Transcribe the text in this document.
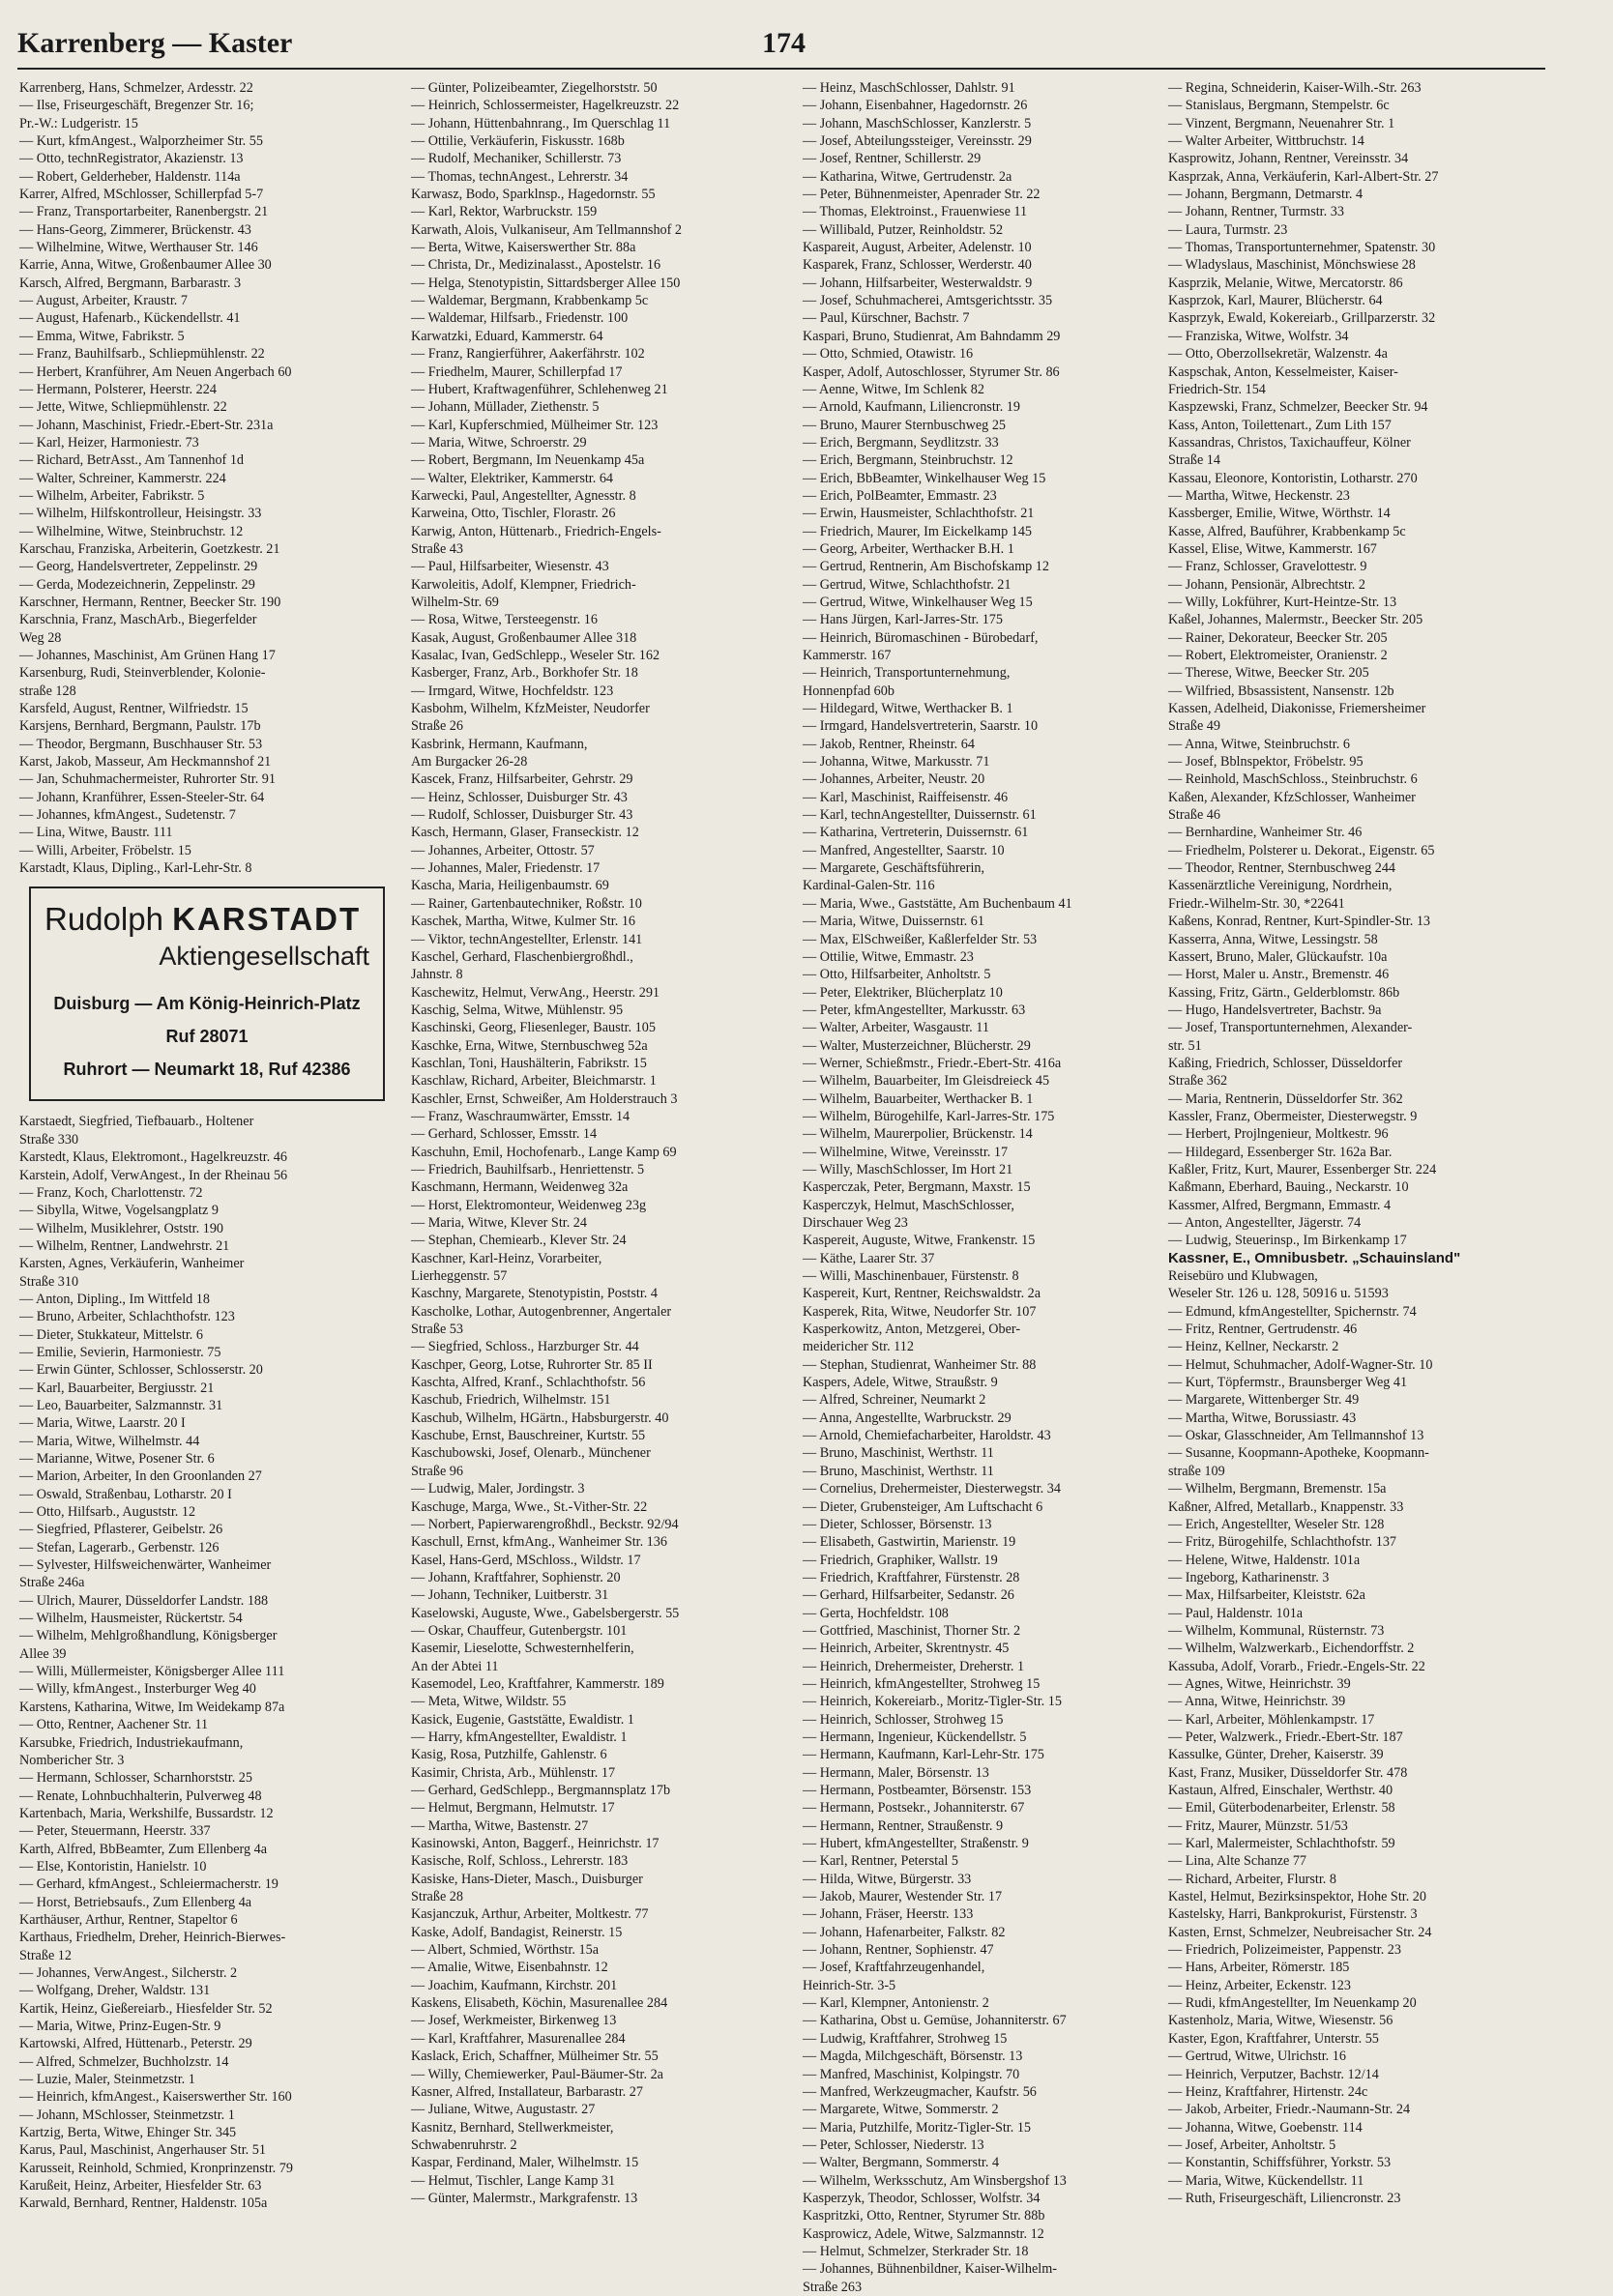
Karrenberg — Kaster	174
Karrenberg, Hans, Schmelzer, Ardesstr. 22
— Ilse, Friseurgeschäft, Bregenzer Str. 16;
Pr.-W.: Ludgeristr. 15
— Kurt, kfmAngest., Walporzheimer Str. 55
— Otto, technRegistrator, Akazienstr. 13
— Robert, Gelderheber, Haldenstr. 114a
Karrer, Alfred, MSchlosser, Schillerpfad 5-7
— Franz, Transportarbeiter, Ranenbergstr. 21
— Hans-Georg, Zimmerer, Brückenstr. 43
— Wilhelmine, Witwe, Werthauser Str. 146
Karrie, Anna, Witwe, Großenbaumer Allee 30
Karsch, Alfred, Bergmann, Barbarastr. 3
— August, Arbeiter, Kraustr. 7
— August, Hafenarb., Kückendellstr. 41
— Emma, Witwe, Fabrikstr. 5
— Franz, Bauhilfsarb., Schliepmühlenstr. 22
— Herbert, Kranführer, Am Neuen Angerbach 60
— Hermann, Polsterer, Heerstr. 224
— Jette, Witwe, Schliepmühlenstr. 22
— Johann, Maschinist, Friedr.-Ebert-Str. 231a
— Karl, Heizer, Harmoniestr. 73
— Richard, BetrAsst., Am Tannenhof 1d
— Walter, Schreiner, Kammerstr. 224
— Wilhelm, Arbeiter, Fabrikstr. 5
— Wilhelm, Hilfskontrolleur, Heisingstr. 33
— Wilhelmine, Witwe, Steinbruchstr. 12
Karschau, Franziska, Arbeiterin, Goetzkestr. 21
— Georg, Handelsvertreter, Zeppelinstr. 29
— Gerda, Modezeichnerin, Zeppelinstr. 29
Karschner, Hermann, Rentner, Beecker Str. 190
Karschnia, Franz, MaschArb., Biegerfelder
Weg 28
— Johannes, Maschinist, Am Grünen Hang 17
Karsenburg, Rudi, Steinverblender, Kolonie-
straße 128
Karsfeld, August, Rentner, Wilfriedstr. 15
Karsjens, Bernhard, Bergmann, Paulstr. 17b
— Theodor, Bergmann, Buschhauser Str. 53
Karst, Jakob, Masseur, Am Heckmannshof 21
— Jan, Schuhmachermeister, Ruhrorter Str. 91
— Johann, Kranführer, Essen-Steeler-Str. 64
— Johannes, kfmAngest., Sudetenstr. 7
— Lina, Witwe, Baustr. 111
— Willi, Arbeiter, Fröbelstr. 15
Karstadt, Klaus, Dipling., Karl-Lehr-Str. 8
Rudolph KARSTADT
Aktiengesellschaft
Duisburg — Am König-Heinrich-Platz
Ruf 28071
Ruhrort — Neumarkt 18, Ruf 42386
Karstaedt, Siegfried, Tiefbauarb., Holtener
Straße 330
Karstedt, Klaus, Elektromont., Hagelkreuzstr. 46
Karstein, Adolf, VerwAngest., In der Rheinau 56
— Franz, Koch, Charlottenstr. 72
— Sibylla, Witwe, Vogelsangplatz 9
— Wilhelm, Musiklehrer, Oststr. 190
— Wilhelm, Rentner, Landwehrstr. 21
Karsten, Agnes, Verkäuferin, Wanheimer
Straße 310
— Anton, Dipling., Im Wittfeld 18
— Bruno, Arbeiter, Schlachthofstr. 123
— Dieter, Stukkateur, Mittelstr. 6
— Emilie, Sevierin, Harmoniestr. 75
— Erwin Günter, Schlosser, Schlosserstr. 20
— Karl, Bauarbeiter, Bergiusstr. 21
— Leo, Bauarbeiter, Salzmannstr. 31
— Maria, Witwe, Laarstr. 20 I
— Maria, Witwe, Wilhelmstr. 44
— Marianne, Witwe, Posener Str. 6
— Marion, Arbeiter, In den Groonlanden 27
— Oswald, Straßenbau, Lotharstr. 20 I
— Otto, Hilfsarb., Auguststr. 12
— Siegfried, Pflasterer, Geibelstr. 26
— Stefan, Lagerarb., Gerbenstr. 126
— Sylvester, Hilfsweichenwärter, Wanheimer
Straße 246a
— Ulrich, Maurer, Düsseldorfer Landstr. 188
— Wilhelm, Hausmeister, Rückertstr. 54
— Wilhelm, Mehlgroßhandlung, Königsberger
Allee 39
— Willi, Müllermeister, Königsberger Allee 111
— Willy, kfmAngest., Insterburger Weg 40
Karstens, Katharina, Witwe, Im Weidekamp 87a
— Otto, Rentner, Aachener Str. 11
Karsubke, Friedrich, Industriekaufmann,
Nombericher Str. 3
— Hermann, Schlosser, Scharnhorststr. 25
— Renate, Lohnbuchhalterin, Pulverweg 48
Kartenbach, Maria, Werkshilfe, Bussardstr. 12
— Peter, Steuermann, Heerstr. 337
Karth, Alfred, BbBeamter, Zum Ellenberg 4a
— Else, Kontoristin, Hanielstr. 10
— Gerhard, kfmAngest., Schleiermacherstr. 19
— Horst, Betriebsaufs., Zum Ellenberg 4a
Karthäuser, Arthur, Rentner, Stapeltor 6
Karthaus, Friedhelm, Dreher, Heinrich-Bierwes-
Straße 12
— Johannes, VerwAngest., Silcherstr. 2
— Wolfgang, Dreher, Waldstr. 131
Kartik, Heinz, Gießereiarb., Hiesfelder Str. 52
— Maria, Witwe, Prinz-Eugen-Str. 9
Kartowski, Alfred, Hüttenarb., Peterstr. 29
— Alfred, Schmelzer, Buchholzstr. 14
— Luzie, Maler, Steinmetzstr. 1
— Heinrich, kfmAngest., Kaiserswerther Str. 160
— Johann, MSchlosser, Steinmetzstr. 1
Kartzig, Berta, Witwe, Ehinger Str. 345
Karus, Paul, Maschinist, Angerhauser Str. 51
Karusseit, Reinhold, Schmied, Kronprinzenstr. 79
Karußeit, Heinz, Arbeiter, Hiesfelder Str. 63
Karwald, Bernhard, Rentner, Haldenstr. 105a
— Günter, Polizeibeamter, Ziegelhorststr. 50
— Heinrich, Schlossermeister, Hagelkreuzstr. 22
— Johann, Hüttenbahnrang., Im Querschlag 11
— Ottilie, Verkäuferin, Fiskusstr. 168b
— Rudolf, Mechaniker, Schillerstr. 73
— Thomas, technAngest., Lehrerstr. 34
Karwasz, Bodo, Sparklnsp., Hagedornstr. 55
— Karl, Rektor, Warbruckstr. 159
Karwath, Alois, Vulkaniseur, Am Tellmannshof 2
— Berta, Witwe, Kaiserswerther Str. 88a
— Christa, Dr., Medizinalasst., Apostelstr. 16
— Helga, Stenotypistin, Sittardsberger Allee 150
— Waldemar, Bergmann, Krabbenkamp 5c
— Waldemar, Hilfsarb., Friedenstr. 100
Karwatzki, Eduard, Kammerstr. 64
— Franz, Rangierführer, Aakerfährstr. 102
— Friedhelm, Maurer, Schillerpfad 17
— Hubert, Kraftwagenführer, Schlehenweg 21
— Johann, Müllader, Ziethenstr. 5
— Karl, Kupferschmied, Mülheimer Str. 123
— Maria, Witwe, Schroerstr. 29
— Robert, Bergmann, Im Neuenkamp 45a
— Walter, Elektriker, Kammerstr. 64
Karwecki, Paul, Angestellter, Agnesstr. 8
Karweina, Otto, Tischler, Florastr. 26
Karwig, Anton, Hüttenarb., Friedrich-Engels-
Straße 43
— Paul, Hilfsarbeiter, Wiesenstr. 43
Karwoleitis, Adolf, Klempner, Friedrich-
Wilhelm-Str. 69
— Rosa, Witwe, Tersteegenstr. 16
Kasak, August, Großenbaumer Allee 318
Kasalac, Ivan, GedSchlepp., Weseler Str. 162
Kasberger, Franz, Arb., Borkhofer Str. 18
— Irmgard, Witwe, Hochfeldstr. 123
Kasbohm, Wilhelm, KfzMeister, Neudorfer
Straße 26
Kasbrink, Hermann, Kaufmann,
Am Burgacker 26-28
Kascek, Franz, Hilfsarbeiter, Gehrstr. 29
— Heinz, Schlosser, Duisburger Str. 43
— Rudolf, Schlosser, Duisburger Str. 43
Kasch, Hermann, Glaser, Franseckistr. 12
— Johannes, Arbeiter, Ottostr. 57
— Johannes, Maler, Friedenstr. 17
Kascha, Maria, Heiligenbaumstr. 69
— Rainer, Gartenbautechniker, Roßstr. 10
Kaschek, Martha, Witwe, Kulmer Str. 16
— Viktor, technAngestellter, Erlenstr. 141
Kaschel, Gerhard, Flaschenbiergroßhdl.,
Jahnstr. 8
Kaschewitz, Helmut, VerwAng., Heerstr. 291
Kaschig, Selma, Witwe, Mühlenstr. 95
Kaschinski, Georg, Fliesenleger, Baustr. 105
Kaschke, Erna, Witwe, Sternbuschweg 52a
Kaschlan, Toni, Haushälterin, Fabrikstr. 15
Kaschlaw, Richard, Arbeiter, Bleichmarstr. 1
Kaschler, Ernst, Schweißer, Am Holderstrauch 3
— Franz, Waschraumwärter, Emsstr. 14
— Gerhard, Schlosser, Emsstr. 14
Kaschuhn, Emil, Hochofenarb., Lange Kamp 69
— Friedrich, Bauhilfsarb., Henriettenstr. 5
Kaschmann, Hermann, Weidenweg 32a
— Horst, Elektromonteur, Weidenweg 23g
— Maria, Witwe, Klever Str. 24
— Stephan, Chemiearb., Klever Str. 24
Kaschner, Karl-Heinz, Vorarbeiter,
Lierheggenstr. 57
Kaschny, Margarete, Stenotypistin, Poststr. 4
Kascholke, Lothar, Autogenbrenner, Angertaler
Straße 53
— Siegfried, Schloss., Harzburger Str. 44
Kaschper, Georg, Lotse, Ruhrorter Str. 85 II
Kaschta, Alfred, Kranf., Schlachthofstr. 56
Kaschub, Friedrich, Wilhelmstr. 151
Kaschub, Wilhelm, HGärtn., Habsburgerstr. 40
Kaschube, Ernst, Bauschreiner, Kurtstr. 55
Kaschubowski, Josef, Olenarb., Münchener
Straße 96
— Ludwig, Maler, Jordingstr. 3
Kaschuge, Marga, Wwe., St.-Vither-Str. 22
— Norbert, Papierwarengroßhdl., Beckstr. 92/94
Kaschull, Ernst, kfmAng., Wanheimer Str. 136
Kasel, Hans-Gerd, MSchloss., Wildstr. 17
— Johann, Kraftfahrer, Sophienstr. 20
— Johann, Techniker, Luitberstr. 31
Kaselowski, Auguste, Wwe., Gabelsbergerstr. 55
— Oskar, Chauffeur, Gutenbergstr. 101
Kasemir, Lieselotte, Schwesternhelferin,
An der Abtei 11
Kasemodel, Leo, Kraftfahrer, Kammerstr. 189
— Meta, Witwe, Wildstr. 55
Kasick, Eugenie, Gaststätte, Ewaldistr. 1
— Harry, kfmAngestellter, Ewaldistr. 1
Kasig, Rosa, Putzhilfe, Gahlenstr. 6
Kasimir, Christa, Arb., Mühlenstr. 17
— Gerhard, GedSchlepp., Bergmannsplatz 17b
— Helmut, Bergmann, Helmutstr. 17
— Martha, Witwe, Bastenstr. 27
Kasinowski, Anton, Baggerf., Heinrichstr. 17
Kasische, Rolf, Schloss., Lehrerstr. 183
Kasiske, Hans-Dieter, Masch., Duisburger
Straße 28
Kasjanczuk, Arthur, Arbeiter, Moltkestr. 77
Kaske, Adolf, Bandagist, Reinerstr. 15
— Albert, Schmied, Wörthstr. 15a
— Amalie, Witwe, Eisenbahnstr. 12
— Joachim, Kaufmann, Kirchstr. 201
Kaskens, Elisabeth, Köchin, Masurenallee 284
— Josef, Werkmeister, Birkenweg 13
— Karl, Kraftfahrer, Masurenallee 284
Kaslack, Erich, Schaffner, Mülheimer Str. 55
— Willy, Chemiewerker, Paul-Bäumer-Str. 2a
Kasner, Alfred, Installateur, Barbarastr. 27
— Juliane, Witwe, Augustastr. 27
Kasnitz, Bernhard, Stellwerkmeister,
Schwabenruhrstr. 2
Kaspar, Ferdinand, Maler, Wilhelmstr. 15
— Helmut, Tischler, Lange Kamp 31
— Günter, Malermstr., Markgrafenstr. 13
— Heinz, MaschSchlosser, Dahlstr. 91
— Johann, Eisenbahner, Hagedornstr. 26
— Johann, MaschSchlosser, Kanzlerstr. 5
— Josef, Abteilungssteiger, Vereinsstr. 29
— Josef, Rentner, Schillerstr. 29
— Katharina, Witwe, Gertrudenstr. 2a
— Peter, Bühnenmeister, Apenrader Str. 22
— Thomas, Elektroinst., Frauenwiese 11
— Willibald, Putzer, Reinholdstr. 52
Kaspareit, August, Arbeiter, Adelenstr. 10
Kasparek, Franz, Schlosser, Werderstr. 40
— Johann, Hilfsarbeiter, Westerwaldstr. 9
— Josef, Schuhmacherei, Amtsgerichtsstr. 35
— Paul, Kürschner, Bachstr. 7
Kaspari, Bruno, Studienrat, Am Bahndamm 29
— Otto, Schmied, Otawistr. 16
Kasper, Adolf, Autoschlosser, Styrumer Str. 86
— Aenne, Witwe, Im Schlenk 82
— Arnold, Kaufmann, Liliencronstr. 19
— Bruno, Maurer Sternbuschweg 25
— Erich, Bergmann, Seydlitzstr. 33
— Erich, Bergmann, Steinbruchstr. 12
— Erich, BbBeamter, Winkelhauser Weg 15
— Erich, PolBeamter, Emmastr. 23
— Erwin, Hausmeister, Schlachthofstr. 21
— Friedrich, Maurer, Im Eickelkamp 145
— Georg, Arbeiter, Werthacker B.H. 1
— Gertrud, Rentnerin, Am Bischofskamp 12
— Gertrud, Witwe, Schlachthofstr. 21
— Gertrud, Witwe, Winkelhauser Weg 15
— Hans Jürgen, Karl-Jarres-Str. 175
— Heinrich, Büromaschinen - Bürobedarf,
Kammerstr. 167
— Heinrich, Transportunternehmung,
Honnenpfad 60b
— Hildegard, Witwe, Werthacker B. 1
— Irmgard, Handelsvertreterin, Saarstr. 10
— Jakob, Rentner, Rheinstr. 64
— Johanna, Witwe, Markusstr. 71
— Johannes, Arbeiter, Neustr. 20
— Karl, Maschinist, Raiffeisenstr. 46
— Karl, technAngestellter, Duissernstr. 61
— Katharina, Vertreterin, Duissernstr. 61
— Manfred, Angestellter, Saarstr. 10
— Margarete, Geschäftsführerin,
Kardinal-Galen-Str. 116
— Maria, Wwe., Gaststätte, Am Buchenbaum 41
— Maria, Witwe, Duissernstr. 61
— Max, ElSchweißer, Kaßlerfelder Str. 53
— Ottilie, Witwe, Emmastr. 23
— Otto, Hilfsarbeiter, Anholtstr. 5
— Peter, Elektriker, Blücherplatz 10
— Peter, kfmAngestellter, Markusstr. 63
— Walter, Arbeiter, Wasgaustr. 11
— Walter, Musterzeichner, Blücherstr. 29
— Werner, Schießmstr., Friedr.-Ebert-Str. 416a
— Wilhelm, Bauarbeiter, Im Gleisdreieck 45
— Wilhelm, Bauarbeiter, Werthacker B. 1
— Wilhelm, Bürogehilfe, Karl-Jarres-Str. 175
— Wilhelm, Maurerpolier, Brückenstr. 14
— Wilhelmine, Witwe, Vereinsstr. 17
— Willy, MaschSchlosser, Im Hort 21
Kasperczak, Peter, Bergmann, Maxstr. 15
Kasperczyk, Helmut, MaschSchlosser,
Dirschauer Weg 23
Kaspereit, Auguste, Witwe, Frankenstr. 15
— Käthe, Laarer Str. 37
— Willi, Maschinenbauer, Fürstenstr. 8
Kaspereit, Kurt, Rentner, Reichswaldstr. 2a
Kasperek, Rita, Witwe, Neudorfer Str. 107
Kasperkowitz, Anton, Metzgerei, Ober-
meidericher Str. 112
— Stephan, Studienrat, Wanheimer Str. 88
Kaspers, Adele, Witwe, Straußstr. 9
— Alfred, Schreiner, Neumarkt 2
— Anna, Angestellte, Warbruckstr. 29
— Arnold, Chemiefacharbeiter, Haroldstr. 43
— Bruno, Maschinist, Werthstr. 11
— Bruno, Maschinist, Werthstr. 11
— Cornelius, Drehermeister, Diesterwegstr. 34
— Dieter, Grubensteiger, Am Luftschacht 6
— Dieter, Schlosser, Börsenstr. 13
— Elisabeth, Gastwirtin, Marienstr. 19
— Friedrich, Graphiker, Wallstr. 19
— Friedrich, Kraftfahrer, Fürstenstr. 28
— Gerhard, Hilfsarbeiter, Sedanstr. 26
— Gerta, Hochfeldstr. 108
— Gottfried, Maschinist, Thorner Str. 2
— Heinrich, Arbeiter, Skrentnystr. 45
— Heinrich, Drehermeister, Dreherstr. 1
— Heinrich, kfmAngestellter, Strohweg 15
— Heinrich, Kokereiarb., Moritz-Tigler-Str. 15
— Heinrich, Schlosser, Strohweg 15
— Hermann, Ingenieur, Kückendellstr. 5
— Hermann, Kaufmann, Karl-Lehr-Str. 175
— Hermann, Maler, Börsenstr. 13
— Hermann, Postbeamter, Börsenstr. 153
— Hermann, Postsekr., Johanniterstr. 67
— Hermann, Rentner, Straußenstr. 9
— Hubert, kfmAngestellter, Straßenstr. 9
— Karl, Rentner, Peterstal 5
— Hilda, Witwe, Bürgerstr. 33
— Jakob, Maurer, Westender Str. 17
— Johann, Fräser, Heerstr. 133
— Johann, Hafenarbeiter, Falkstr. 82
— Johann, Rentner, Sophienstr. 47
— Josef, Kraftfahrzeugenhandel,
Heinrich-Str. 3-5
— Karl, Klempner, Antonienstr. 2
— Katharina, Obst u. Gemüse, Johanniterstr. 67
— Ludwig, Kraftfahrer, Strohweg 15
— Magda, Milchgeschäft, Börsenstr. 13
— Manfred, Maschinist, Kolpingstr. 70
— Manfred, Werkzeugmacher, Kaufstr. 56
— Margarete, Witwe, Sommerstr. 2
— Maria, Putzhilfe, Moritz-Tigler-Str. 15
— Peter, Schlosser, Niederstr. 13
— Walter, Bergmann, Sommerstr. 4
— Wilhelm, Werksschutz, Am Winsbergshof 13
Kasperzyk, Theodor, Schlosser, Wolfstr. 34
Kaspritzki, Otto, Rentner, Styrumer Str. 88b
Kasprowicz, Adele, Witwe, Salzmannstr. 12
— Helmut, Schmelzer, Sterkrader Str. 18
— Johannes, Bühnenbildner, Kaiser-Wilhelm-
Straße 263
— Regina, Schneiderin, Kaiser-Wilh.-Str. 263
— Stanislaus, Bergmann, Stempelstr. 6c
— Vinzent, Bergmann, Neuenahrer Str. 1
— Walter Arbeiter, Wittbruchstr. 14
Kasprowitz, Johann, Rentner, Vereinsstr. 34
Kasprzak, Anna, Verkäuferin, Karl-Albert-Str. 27
— Johann, Bergmann, Detmarstr. 4
— Johann, Rentner, Turmstr. 33
— Laura, Turmstr. 23
— Thomas, Transportunternehmer, Spatenstr. 30
— Wladyslaus, Maschinist, Mönchswiese 28
Kasprzik, Melanie, Witwe, Mercatorstr. 86
Kasprzok, Karl, Maurer, Blücherstr. 64
Kasprzyk, Ewald, Kokereiarb., Grillparzerstr. 32
— Franziska, Witwe, Wolfstr. 34
— Otto, Oberzollsekretär, Walzenstr. 4a
Kaspschak, Anton, Kesselmeister, Kaiser-
Friedrich-Str. 154
Kaspzewski, Franz, Schmelzer, Beecker Str. 94
Kass, Anton, Toilettenart., Zum Lith 157
Kassandras, Christos, Taxichauffeur, Kölner
Straße 14
Kassau, Eleonore, Kontoristin, Lotharstr. 270
— Martha, Witwe, Heckenstr. 23
Kassberger, Emilie, Witwe, Wörthstr. 14
Kasse, Alfred, Bauführer, Krabbenkamp 5c
Kassel, Elise, Witwe, Kammerstr. 167
— Franz, Schlosser, Gravelottestr. 9
— Johann, Pensionär, Albrechtstr. 2
— Willy, Lokführer, Kurt-Heintze-Str. 13
Kaßel, Johannes, Malermstr., Beecker Str. 205
— Rainer, Dekorateur, Beecker Str. 205
— Robert, Elektromeister, Oranienstr. 2
— Therese, Witwe, Beecker Str. 205
— Wilfried, Bbsassistent, Nansenstr. 12b
Kassen, Adelheid, Diakonisse, Friemersheimer
Straße 49
— Anna, Witwe, Steinbruchstr. 6
— Josef, Bblnspektor, Fröbelstr. 95
— Reinhold, MaschSchloss., Steinbruchstr. 6
Kaßen, Alexander, KfzSchlosser, Wanheimer
Straße 46
— Bernhardine, Wanheimer Str. 46
— Friedhelm, Polsterer u. Dekorat., Eigenstr. 65
— Theodor, Rentner, Sternbuschweg 244
Kassenärztliche Vereinigung, Nordrhein,
Friedr.-Wilhelm-Str. 30, *22641
Kaßens, Konrad, Rentner, Kurt-Spindler-Str. 13
Kasserra, Anna, Witwe, Lessingstr. 58
Kassert, Bruno, Maler, Glückaufstr. 10a
— Horst, Maler u. Anstr., Bremenstr. 46
Kassing, Fritz, Gärtn., Gelderblomstr. 86b
— Hugo, Handelsvertreter, Bachstr. 9a
— Josef, Transportunternehmen, Alexander-
str. 51
Kaßing, Friedrich, Schlosser, Düsseldorfer
Straße 362
— Maria, Rentnerin, Düsseldorfer Str. 362
Kassler, Franz, Obermeister, Diesterwegstr. 9
— Herbert, Projlngenieur, Moltkestr. 96
— Hildegard, Essenberger Str. 162a Bar.
Kaßler, Fritz, Kurt, Maurer, Essenberger Str. 224
Kaßmann, Eberhard, Bauing., Neckarstr. 10
Kassmer, Alfred, Bergmann, Emmastr. 4
— Anton, Angestellter, Jägerstr. 74
— Ludwig, Steuerinsp., Im Birkenkamp 17
Kassner, E., Omnibusbetr. „Schauinsland"
Reisebüro und Klubwagen,
Weseler Str. 126 u. 128, 50916 u. 51593
— Edmund, kfmAngestellter, Spichernstr. 74
— Fritz, Rentner, Gertrudenstr. 46
— Heinz, Kellner, Neckarstr. 2
— Helmut, Schuhmacher, Adolf-Wagner-Str. 10
— Kurt, Töpfermstr., Braunsberger Weg 41
— Margarete, Wittenberger Str. 49
— Martha, Witwe, Borussiastr. 43
— Oskar, Glasschneider, Am Tellmannshof 13
— Susanne, Koopmann-Apotheke, Koopmann-
straße 109
— Wilhelm, Bergmann, Bremenstr. 15a
Kaßner, Alfred, Metallarb., Knappenstr. 33
— Erich, Angestellter, Weseler Str. 128
— Fritz, Bürogehilfe, Schlachthofstr. 137
— Helene, Witwe, Haldenstr. 101a
— Ingeborg, Katharinenstr. 3
— Max, Hilfsarbeiter, Kleiststr. 62a
— Paul, Haldenstr. 101a
— Wilhelm, Kommunal, Rüsternstr. 73
— Wilhelm, Walzwerkarb., Eichendorffstr. 2
Kassuba, Adolf, Vorarb., Friedr.-Engels-Str. 22
— Agnes, Witwe, Heinrichstr. 39
— Anna, Witwe, Heinrichstr. 39
— Karl, Arbeiter, Möhlenkampstr. 17
— Peter, Walzwerk., Friedr.-Ebert-Str. 187
Kassulke, Günter, Dreher, Kaiserstr. 39
Kast, Franz, Musiker, Düsseldorfer Str. 478
Kastaun, Alfred, Einschaler, Werthstr. 40
— Emil, Güterbodenarbeiter, Erlenstr. 58
— Fritz, Maurer, Münzstr. 51/53
— Karl, Malermeister, Schlachthofstr. 59
— Lina, Alte Schanze 77
— Richard, Arbeiter, Flurstr. 8
Kastel, Helmut, Bezirksinspektor, Hohe Str. 20
Kastelsky, Harri, Bankprokurist, Fürstenstr. 3
Kasten, Ernst, Schmelzer, Neubreisacher Str. 24
— Friedrich, Polizeimeister, Pappenstr. 23
— Hans, Arbeiter, Römerstr. 185
— Heinz, Arbeiter, Eckenstr. 123
— Rudi, kfmAngestellter, Im Neuenkamp 20
Kastenholz, Maria, Witwe, Wiesenstr. 56
Kaster, Egon, Kraftfahrer, Unterstr. 55
— Gertrud, Witwe, Ulrichstr. 16
— Heinrich, Verputzer, Bachstr. 12/14
— Heinz, Kraftfahrer, Hirtenstr. 24c
— Jakob, Arbeiter, Friedr.-Naumann-Str. 24
— Johanna, Witwe, Goebenstr. 114
— Josef, Arbeiter, Anholtstr. 5
— Konstantin, Schiffsführer, Yorkstr. 53
— Maria, Witwe, Kückendellstr. 11
— Ruth, Friseurgeschäft, Liliencronstr. 23
